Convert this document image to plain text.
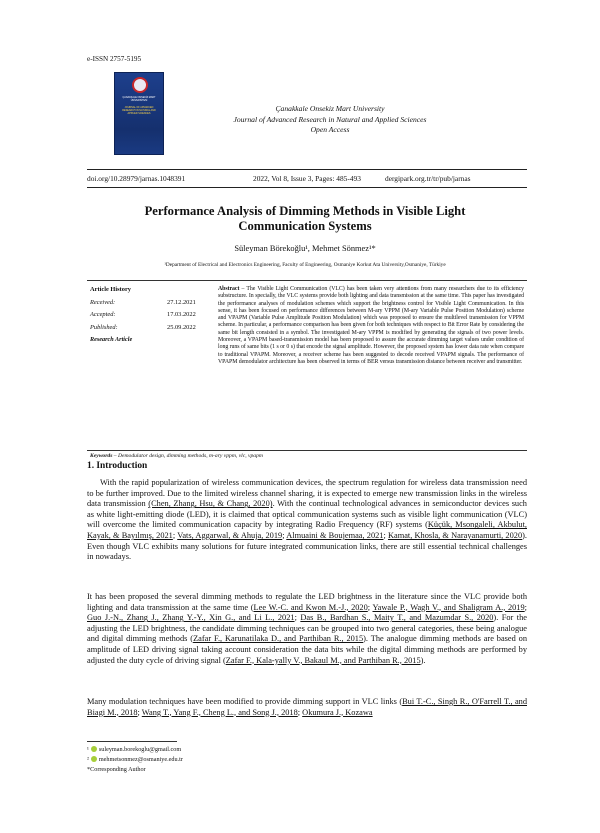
e-ISSN 2757-5195
ÇANAKKALE ONSEKİZ MART ÜNİVERSİTESİ
JOURNAL OF ADVANCED RESEARCH IN NATURAL AND APPLIED SCIENCES
Çanakkale Onsekiz Mart University
Journal of Advanced Research in Natural and Applied Sciences
Open Access
doi.org/10.28979/jarnas.1048391	2022, Vol 8, Issue 3, Pages: 485-493	dergipark.org.tr/tr/pub/jarnas
Performance Analysis of Dimming Methods in Visible Light Communication Systems
Süleyman Börekoğlu¹, Mehmet Sönmez¹*
¹Department of Electrical and Electronics Engineering, Faculty of Engineering, Osmaniye Korkut Ata University,Osmaniye, Türkiye
Article History
Received:	27.12.2021
Accepted:	17.03.2022
Published:	25.09.2022
Research Article
Abstract – The Visible Light Communication (VLC) has been taken very attentions from many researchers due to its efficiency substructure. In specially, the VLC systems provide both lighting and data transmission at the same time. This paper has investigated the performance analyses of modulation schemes which support the brightness control for Visible Light Communication. In this sense, it has been focused on performance differences between M-ary VPPM (M-ary Variable Pulse Position Modulation) scheme and VPAPM (Variable Pulse Amplitude Position Modulation) which was proposed to ensure the multilevel transmission for VPPM scheme. In particular, a performance comparison has been given for both techniques with respect to Bit Error Rate by considering the same bit length consisted in a symbol. The investigated M-ary VPPM is modified by generating the signals of two power levels. Moreover, a VPAPM based-transmission model has been proposed to assure the accurate dimming target values under condition of long runs of same bits (1 s or 0 s) that encode the signal amplitude. However, the proposed system has lower data rate when compare to traditional VPAPM. Moreover, a receiver scheme has been suggested to decode received VPAPM signals. The performance of VPAPM demodulator architecture has been observed in terms of BER versus transmission distance between receiver and transmitter.
Keywords – Demodulator design, dimming methods, m-ary vppm, vlc, vpapm
1. Introduction
With the rapid popularization of wireless communication devices, the spectrum regulation for wireless data transmission need to be further improved. Due to the limited wireless channel sharing, it is expected to emerge new transmission links in the wireless data transmission (Chen, Zhang, Hsu, & Chang, 2020). With the continual technological advances in semiconductor devices such as white light-emitting diode (LED), it is claimed that optical communication systems such as visible light communication (VLC) will overcome the limited communication capacity by integrating Radio Frequency (RF) systems (Küçük, Msongaleli, Akbulut, Kayak, & Bayılmış, 2021; Vats, Aggarwal, & Ahuja, 2019; Almuaini & Boujemaa, 2021; Kamat, Khosla, & Narayanamurti, 2020). Even though VLC exhibits many solutions for future integrated communication links, there are still essential technical challenges in nowadays.
It has been proposed the several dimming methods to regulate the LED brightness in the literature since the VLC provide both lighting and data transmission at the same time (Lee W.-C. and Kwon M.-J., 2020; Yawale P., Wagh V., and Shaligram A., 2019; Guo J.-N., Zhang J., Zhang Y.-Y., Xin G., and Li L., 2021; Das B., Bardhan S., Maity T., and Mazumdar S., 2020). For the adjusting the LED brightness, the candidate dimming techniques can be grouped into two general categories, these being analogue and digital dimming methods (Zafar F., Karunatilaka D., and Parthiban R., 2015). The analogue dimming methods are based on amplitude of LED driving signal taking account consideration the data bits while the digital dimming methods are performed by adjusted the duty cycle of driving signal (Zafar F., Kala-yally V., Bakaul M., and Parthiban R., 2015).
Many modulation techniques have been modified to provide dimming support in VLC links (Bui T.-C., Singh R., O'Farrell T., and Biagi M., 2018; Wang T., Yang F., Cheng L., and Song J., 2018; Okumura J., Kozawa
¹ suleyman.borekoglu@gmail.com
² mehmetsonmez@osmaniye.edu.tr
*Corresponding Author
